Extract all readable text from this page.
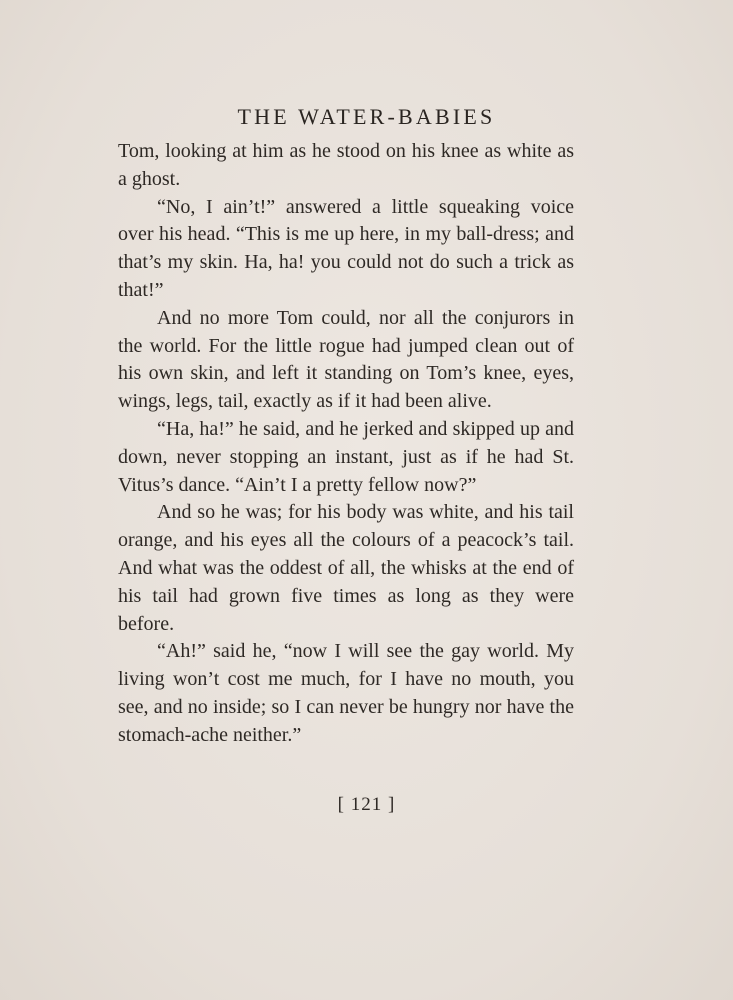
THE WATER-BABIES

Tom, looking at him as he stood on his knee as white as a ghost.

“No, I ain’t!” answered a little squeaking voice over his head. “This is me up here, in my ball-dress; and that’s my skin. Ha, ha! you could not do such a trick as that!”

And no more Tom could, nor all the conjurors in the world. For the little rogue had jumped clean out of his own skin, and left it standing on Tom’s knee, eyes, wings, legs, tail, exactly as if it had been alive.

“Ha, ha!” he said, and he jerked and skipped up and down, never stopping an instant, just as if he had St. Vitus’s dance. “Ain’t I a pretty fellow now?”

And so he was; for his body was white, and his tail orange, and his eyes all the colours of a peacock’s tail. And what was the oddest of all, the whisks at the end of his tail had grown five times as long as they were before.

“Ah!” said he, “now I will see the gay world. My living won’t cost me much, for I have no mouth, you see, and no inside; so I can never be hungry nor have the stomach-ache neither.”

[ 121 ]
